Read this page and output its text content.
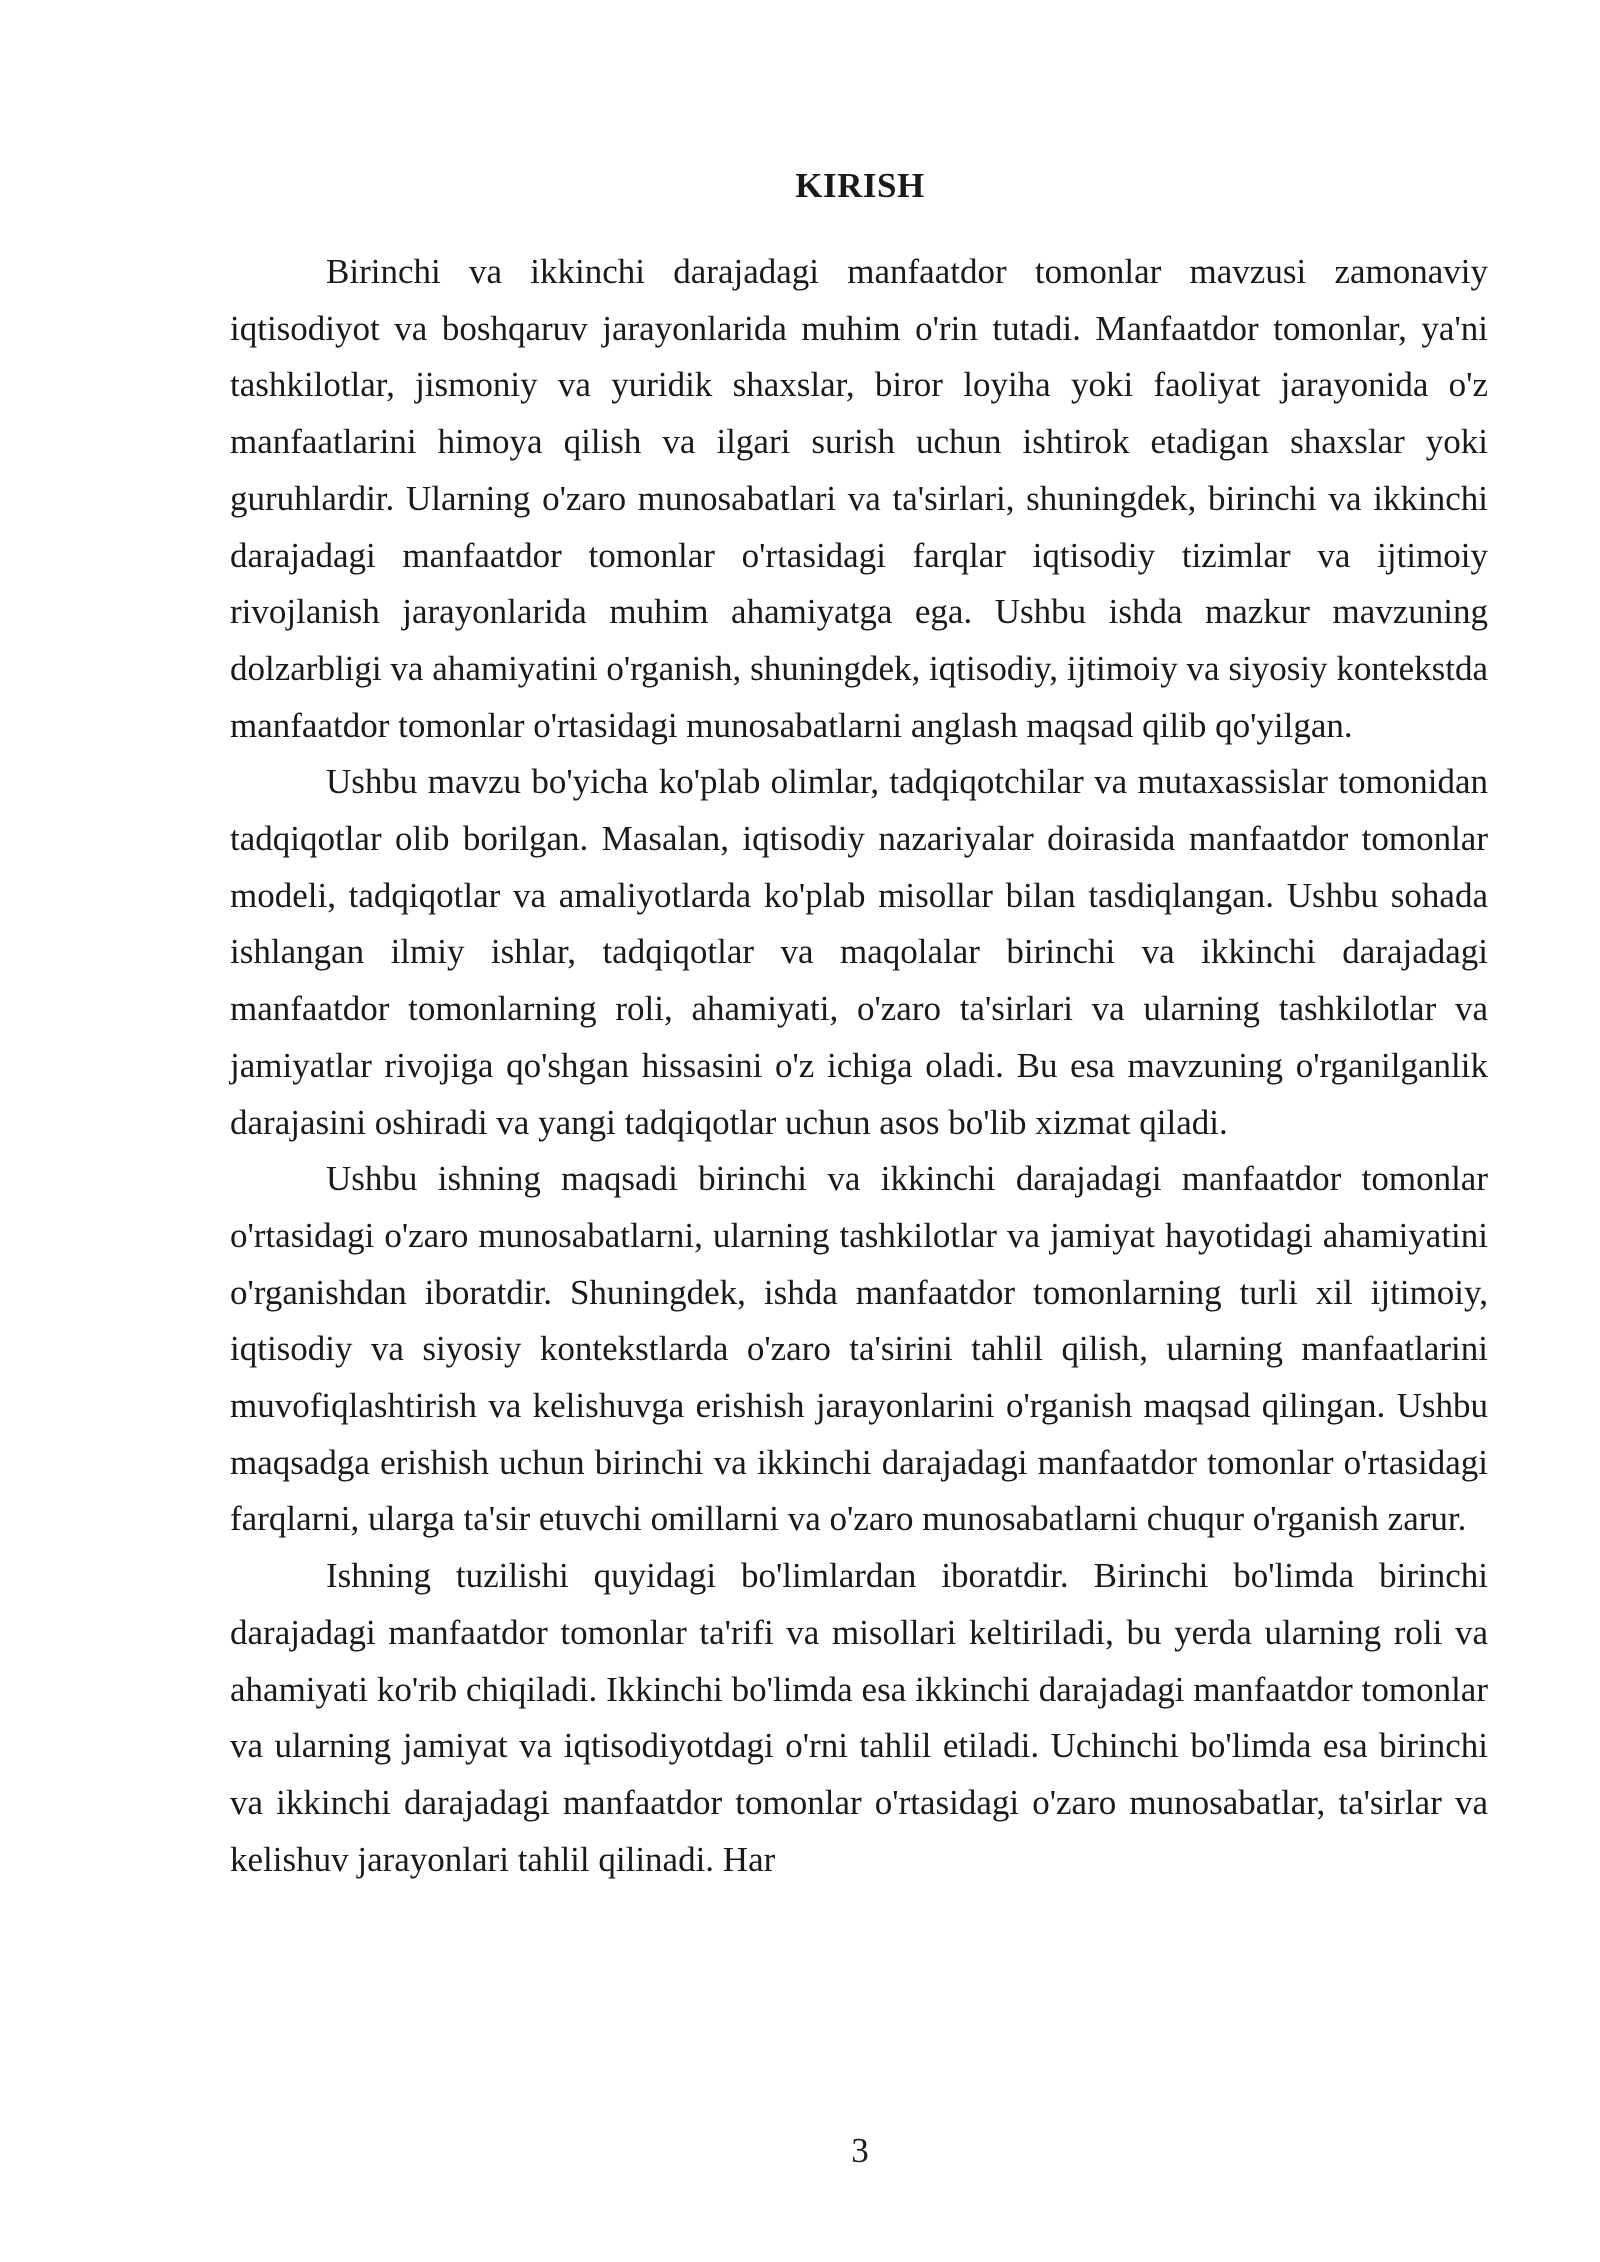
KIRISH

Birinchi va ikkinchi darajadagi manfaatdor tomonlar mavzusi zamonaviy iqtisodiyot va boshqaruv jarayonlarida muhim o'rin tutadi. Manfaatdor tomonlar, ya'ni tashkilotlar, jismoniy va yuridik shaxslar, biror loyiha yoki faoliyat jarayonida o'z manfaatlarini himoya qilish va ilgari surish uchun ishtirok etadigan shaxslar yoki guruhlardir. Ularning o'zaro munosabatlari va ta'sirlari, shuningdek, birinchi va ikkinchi darajadagi manfaatdor tomonlar o'rtasidagi farqlar iqtisodiy tizimlar va ijtimoiy rivojlanish jarayonlarida muhim ahamiyatga ega. Ushbu ishda mazkur mavzuning dolzarbligi va ahamiyatini o'rganish, shuningdek, iqtisodiy, ijtimoiy va siyosiy kontekstda manfaatdor tomonlar o'rtasidagi munosabatlarni anglash maqsad qilib qo'yilgan.

Ushbu mavzu bo'yicha ko'plab olimlar, tadqiqotchilar va mutaxassislar tomonidan tadqiqotlar olib borilgan. Masalan, iqtisodiy nazariyalar doirasida manfaatdor tomonlar modeli, tadqiqotlar va amaliyotlarda ko'plab misollar bilan tasdiqlangan. Ushbu sohada ishlangan ilmiy ishlar, tadqiqotlar va maqolalar birinchi va ikkinchi darajadagi manfaatdor tomonlarning roli, ahamiyati, o'zaro ta'sirlari va ularning tashkilotlar va jamiyatlar rivojiga qo'shgan hissasini o'z ichiga oladi. Bu esa mavzuning o'rganilganlik darajasini oshiradi va yangi tadqiqotlar uchun asos bo'lib xizmat qiladi.

Ushbu ishning maqsadi birinchi va ikkinchi darajadagi manfaatdor tomonlar o'rtasidagi o'zaro munosabatlarni, ularning tashkilotlar va jamiyat hayotidagi ahamiyatini o'rganishdan iboratdir. Shuningdek, ishda manfaatdor tomonlarning turli xil ijtimoiy, iqtisodiy va siyosiy kontekstlarda o'zaro ta'sirini tahlil qilish, ularning manfaatlarini muvofiqlashtirish va kelishuvga erishish jarayonlarini o'rganish maqsad qilingan. Ushbu maqsadga erishish uchun birinchi va ikkinchi darajadagi manfaatdor tomonlar o'rtasidagi farqlarni, ularga ta'sir etuvchi omillarni va o'zaro munosabatlarni chuqur o'rganish zarur.

Ishning tuzilishi quyidagi bo'limlardan iboratdir. Birinchi bo'limda birinchi darajadagi manfaatdor tomonlar ta'rifi va misollari keltiriladi, bu yerda ularning roli va ahamiyati ko'rib chiqiladi. Ikkinchi bo'limda esa ikkinchi darajadagi manfaatdor tomonlar va ularning jamiyat va iqtisodiyotdagi o'rni tahlil etiladi. Uchinchi bo'limda esa birinchi va ikkinchi darajadagi manfaatdor tomonlar o'rtasidagi o'zaro munosabatlar, ta'sirlar va kelishuv jarayonlari tahlil qilinadi. Har

3
